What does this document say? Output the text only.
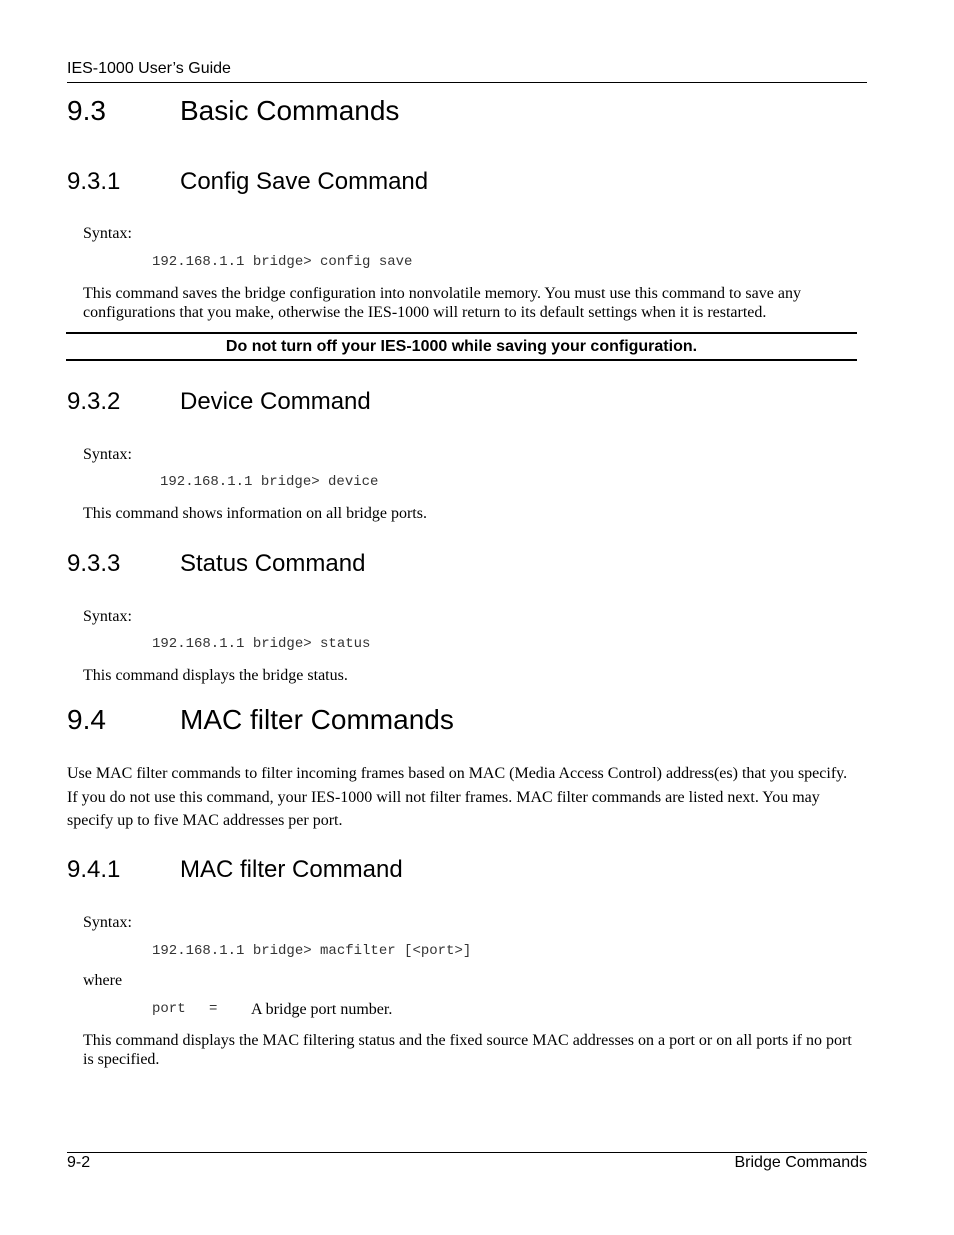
IES-1000 User’s Guide
9.3	Basic Commands
9.3.1 Config Save Command
Syntax:
192.168.1.1 bridge> config save
This command saves the bridge configuration into nonvolatile memory. You must use this command to save any configurations that you make, otherwise the IES-1000 will return to its default settings when it is restarted.
Do not turn off your IES-1000 while saving your configuration.
9.3.2 Device Command
Syntax:
192.168.1.1 bridge> device
This command shows information on all bridge ports.
9.3.3 Status Command
Syntax:
192.168.1.1 bridge> status
This command displays the bridge status.
9.4	MAC filter Commands
Use MAC filter commands to filter incoming frames based on MAC (Media Access Control) address(es) that you specify. If you do not use this command, your IES-1000 will not filter frames. MAC filter commands are listed next. You may specify up to five MAC addresses per port.
9.4.1 MAC filter Command
Syntax:
192.168.1.1 bridge> macfilter [<port>]
where
port = A bridge port number.
This command displays the MAC filtering status and the fixed source MAC addresses on a port or on all ports if no port is specified.
9-2	Bridge Commands
